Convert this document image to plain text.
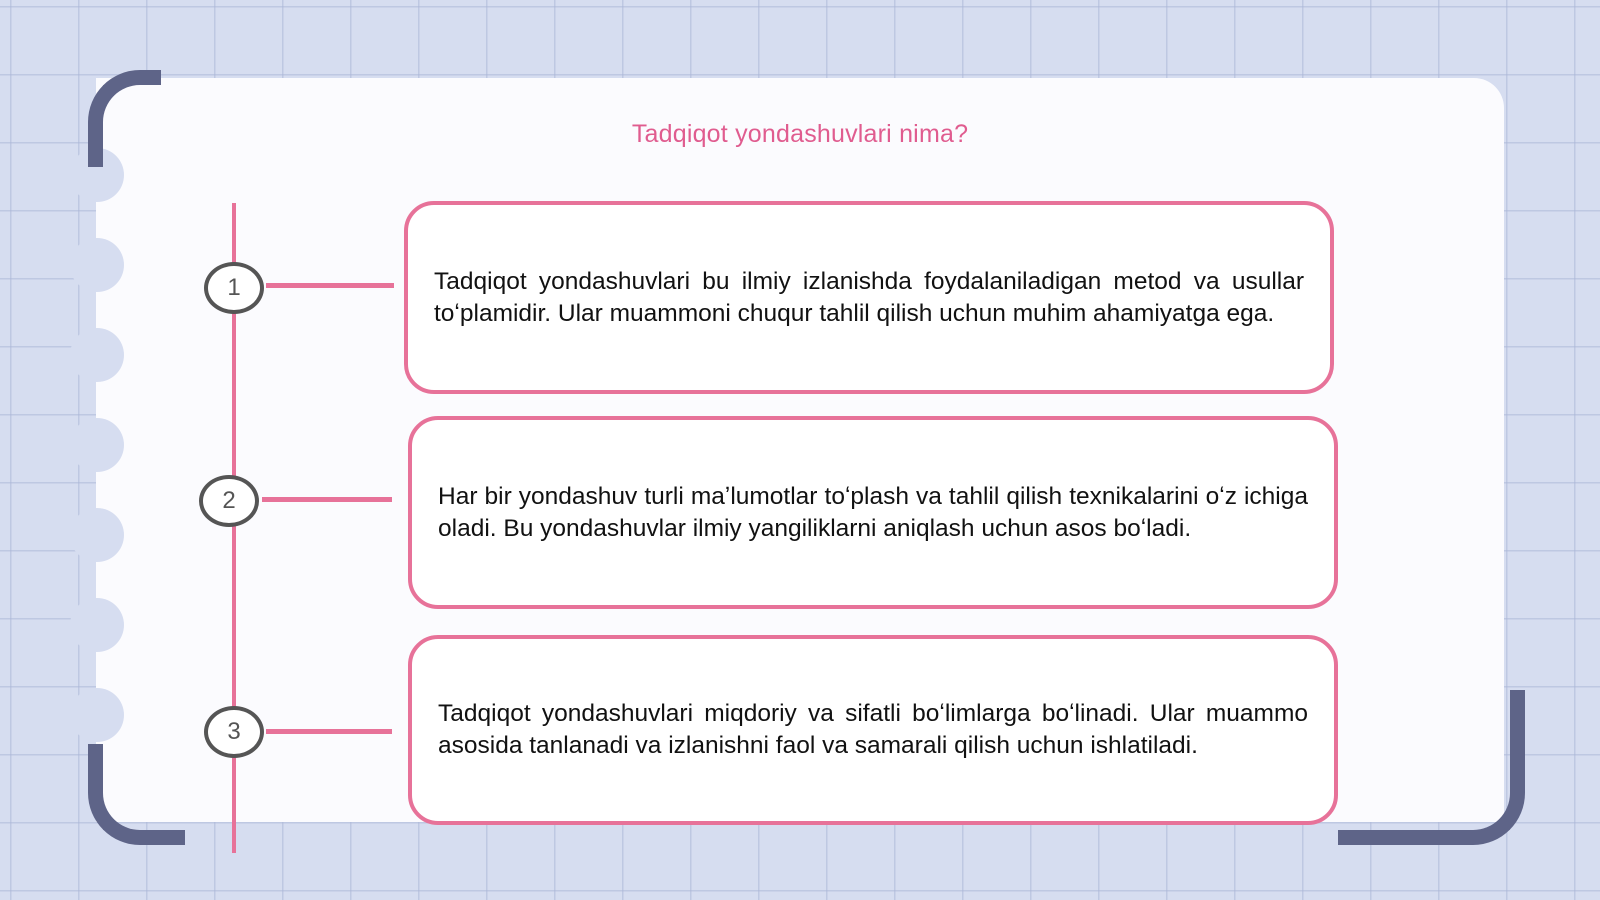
Tadqiqot yondashuvlari nima?
1
2
3

Tadqiqot yondashuvlari bu ilmiy izlanishda foydalaniladigan metod va usullar toʻplamidir. Ular muammoni chuqur tahlil qilish uchun muhim ahamiyatga ega.

Har bir yondashuv turli maʼlumotlar toʻplash va tahlil qilish texnikalarini oʻz ichiga oladi. Bu yondashuvlar ilmiy yangiliklarni aniqlash uchun asos boʻladi.

Tadqiqot yondashuvlari miqdoriy va sifatli boʻlimlarga boʻlinadi. Ular muammo asosida tanlanadi va izlanishni faol va samarali qilish uchun ishlatiladi.
